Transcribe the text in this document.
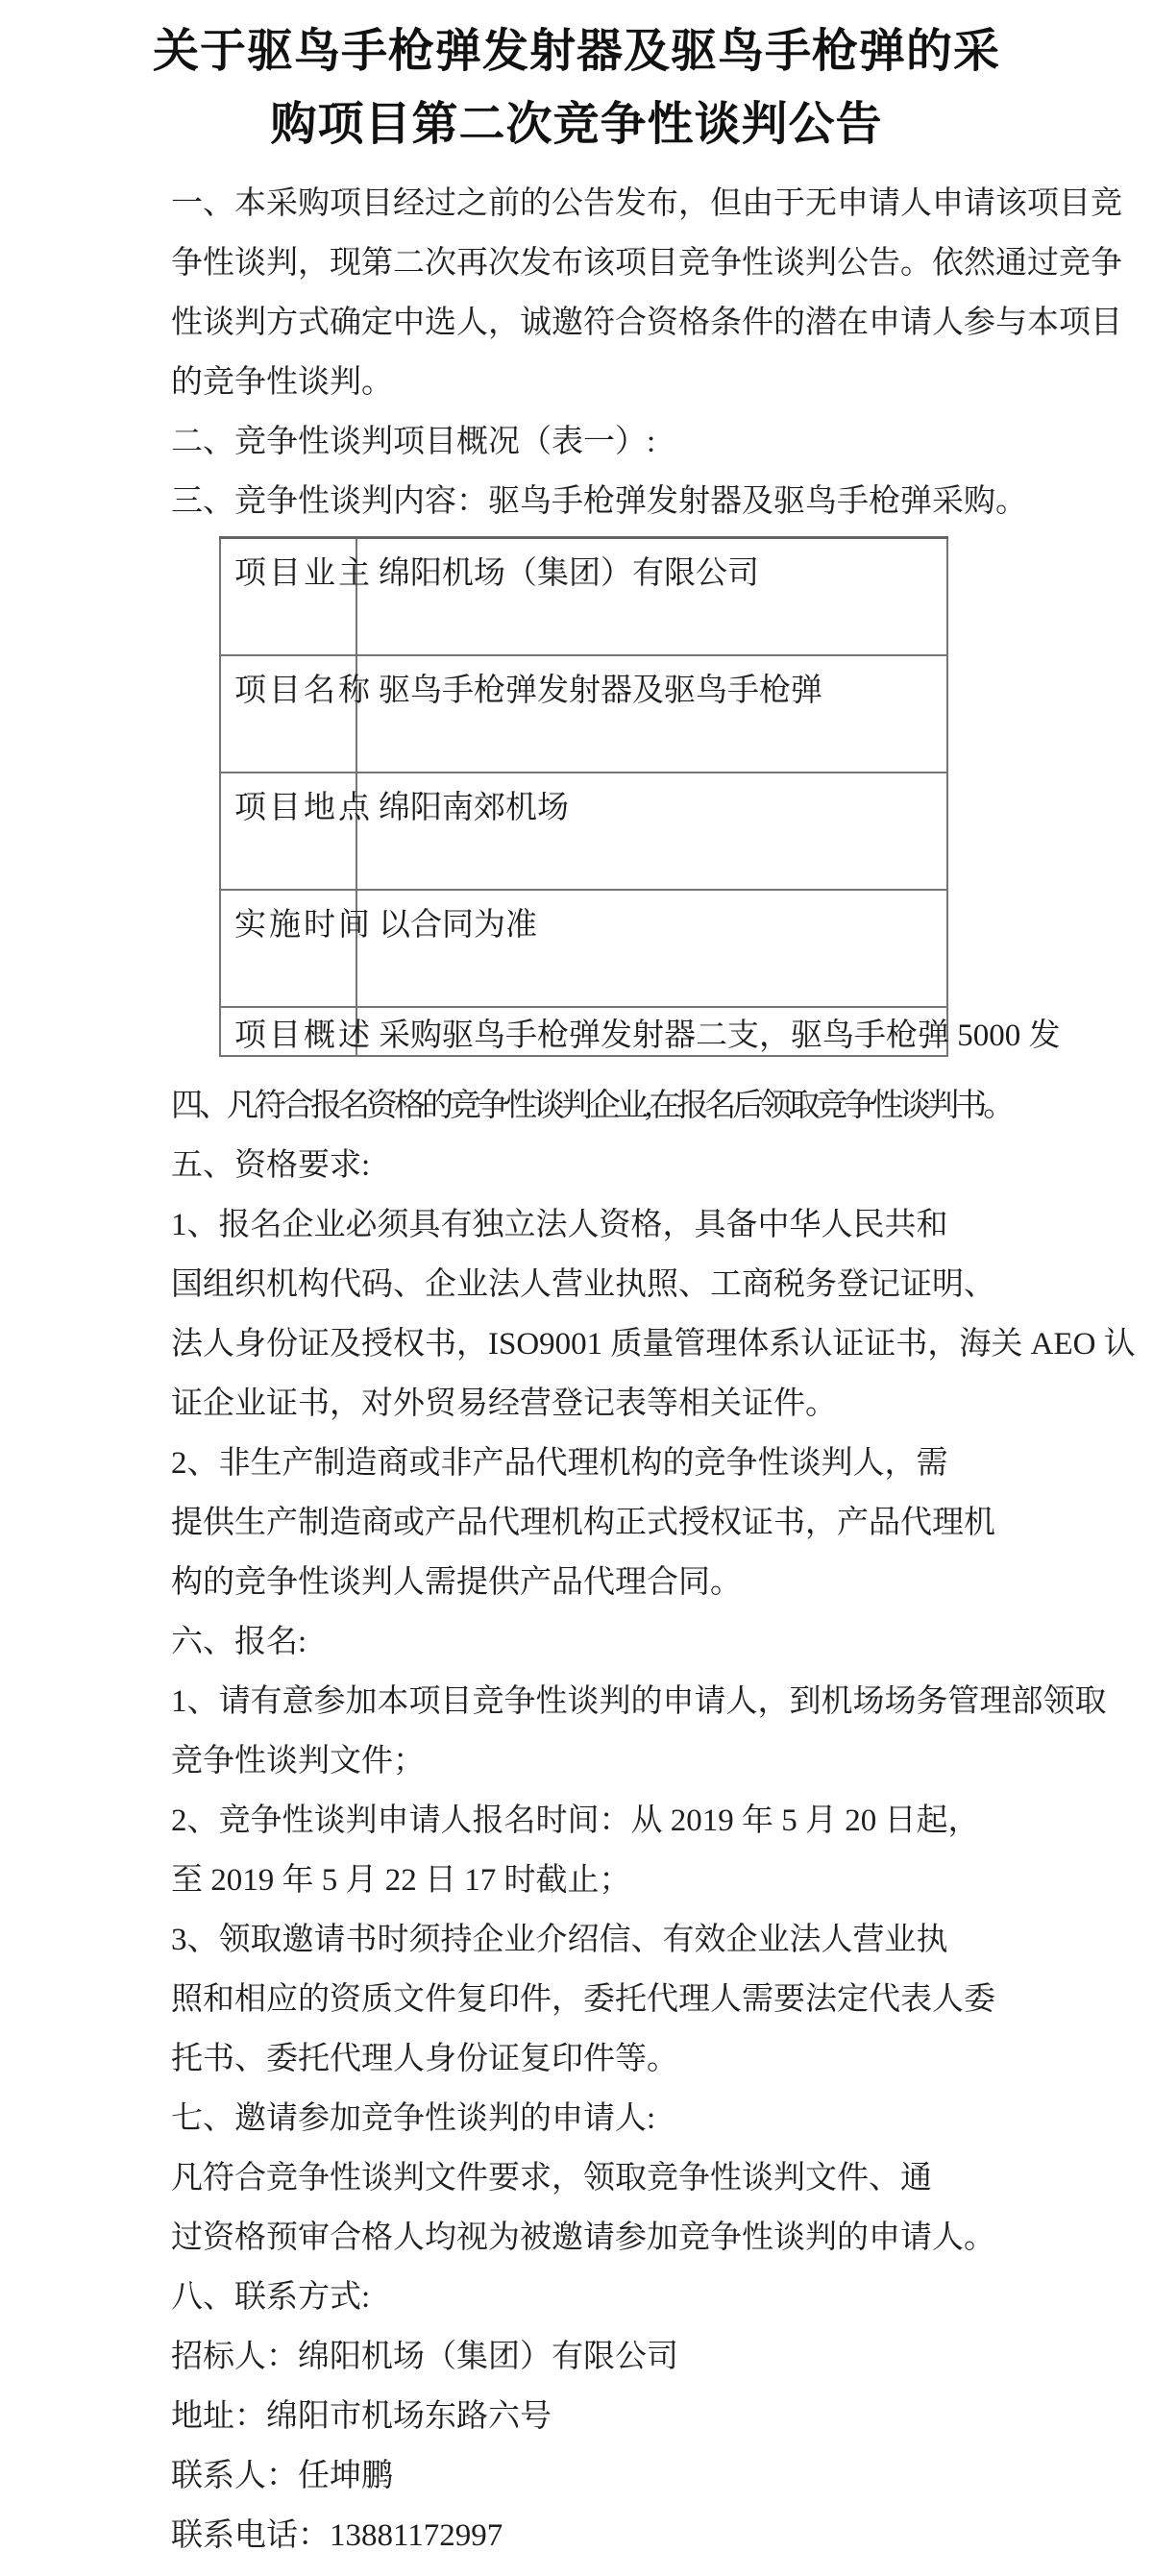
关于驱鸟手枪弹发射器及驱鸟手枪弹的采
购项目第二次竞争性谈判公告
一、本采购项目经过之前的公告发布，但由于无申请人申请该项目竞
争性谈判，现第二次再次发布该项目竞争性谈判公告。依然通过竞争
性谈判方式确定中选人，诚邀符合资格条件的潜在申请人参与本项目
的竞争性谈判。
二、竞争性谈判项目概况（表一）:
三、竞争性谈判内容：驱鸟手枪弹发射器及驱鸟手枪弹采购。
项目业主	绵阳机场（集团）有限公司
项目名称	驱鸟手枪弹发射器及驱鸟手枪弹
项目地点	绵阳南郊机场
实施时间	以合同为准
项目概述	采购驱鸟手枪弹发射器二支，驱鸟手枪弹 5000 发
四、凡符合报名资格的竞争性谈判企业,在报名后领取竞争性谈判书。
五、资格要求:
1、报名企业必须具有独立法人资格，具备中华人民共和
国组织机构代码、企业法人营业执照、工商税务登记证明、
法人身份证及授权书，ISO9001 质量管理体系认证证书，海关 AEO 认
证企业证书，对外贸易经营登记表等相关证件。
2、非生产制造商或非产品代理机构的竞争性谈判人，需
提供生产制造商或产品代理机构正式授权证书，产品代理机
构的竞争性谈判人需提供产品代理合同。
六、报名:
1、请有意参加本项目竞争性谈判的申请人，到机场场务管理部领取
竞争性谈判文件；
2、竞争性谈判申请人报名时间：从 2019 年 5 月 20 日起，
至 2019 年 5 月 22 日 17 时截止；
3、领取邀请书时须持企业介绍信、有效企业法人营业执
照和相应的资质文件复印件，委托代理人需要法定代表人委
托书、委托代理人身份证复印件等。
七、邀请参加竞争性谈判的申请人:
凡符合竞争性谈判文件要求，领取竞争性谈判文件、通
过资格预审合格人均视为被邀请参加竞争性谈判的申请人。
八、联系方式:
招标人：绵阳机场（集团）有限公司
地址：绵阳市机场东路六号
联系人：任坤鹏
联系电话：13881172997
